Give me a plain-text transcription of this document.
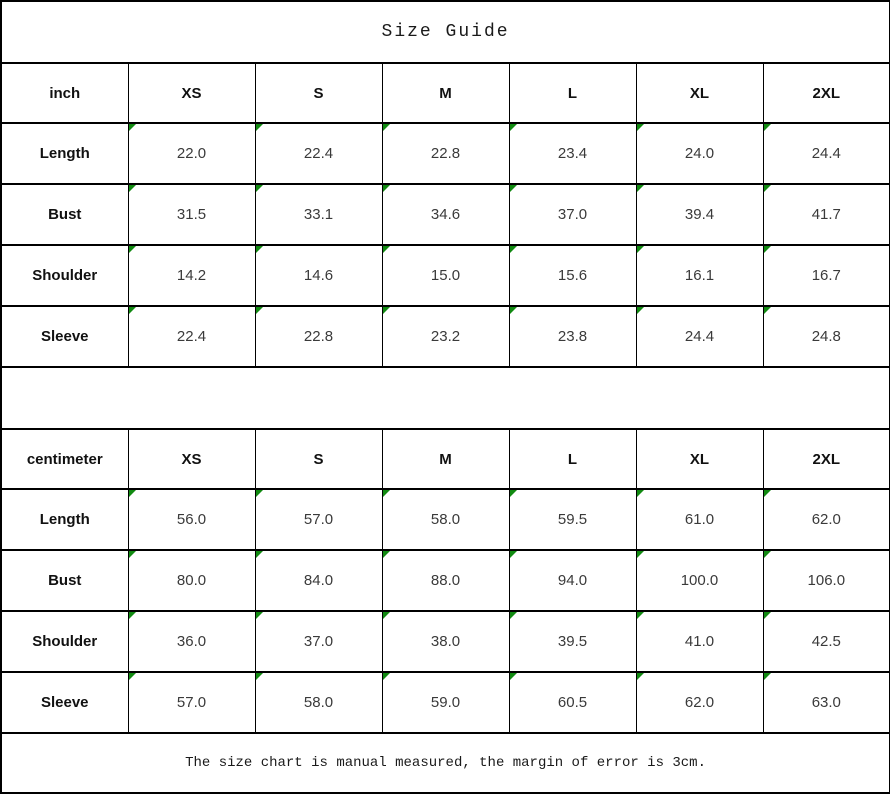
Size Guide						
inch	XS	S	M	L	XL	2XL
Length	22.0	22.4	22.8	23.4	24.0	24.4
Bust	31.5	33.1	34.6	37.0	39.4	41.7
Shoulder	14.2	14.6	15.0	15.6	16.1	16.7
Sleeve	22.4	22.8	23.2	23.8	24.4	24.8

centimeter	XS	S	M	L	XL	2XL
Length	56.0	57.0	58.0	59.5	61.0	62.0
Bust	80.0	84.0	88.0	94.0	100.0	106.0
Shoulder	36.0	37.0	38.0	39.5	41.0	42.5
Sleeve	57.0	58.0	59.0	60.5	62.0	63.0
The size chart is manual measured, the margin of error is 3cm.						
